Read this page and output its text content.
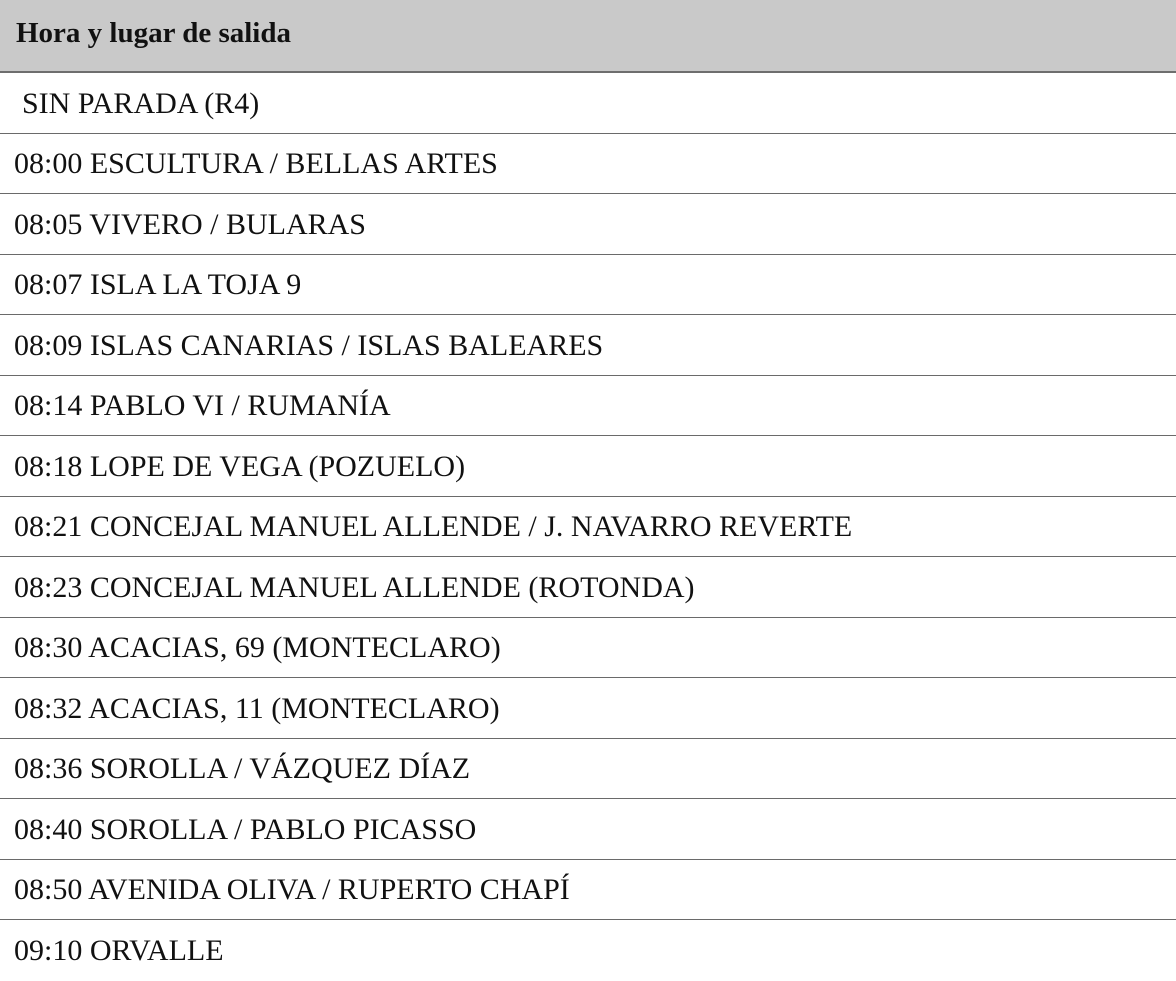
Hora y lugar de salida
SIN PARADA (R4)
08:00 ESCULTURA / BELLAS ARTES
08:05 VIVERO / BULARAS
08:07 ISLA LA TOJA 9
08:09 ISLAS CANARIAS / ISLAS BALEARES
08:14 PABLO VI / RUMANÍA
08:18 LOPE DE VEGA (POZUELO)
08:21 CONCEJAL MANUEL ALLENDE / J. NAVARRO REVERTE
08:23 CONCEJAL MANUEL ALLENDE (ROTONDA)
08:30 ACACIAS, 69 (MONTECLARO)
08:32 ACACIAS, 11 (MONTECLARO)
08:36 SOROLLA / VÁZQUEZ DÍAZ
08:40 SOROLLA / PABLO PICASSO
08:50 AVENIDA OLIVA / RUPERTO CHAPÍ
09:10 ORVALLE
